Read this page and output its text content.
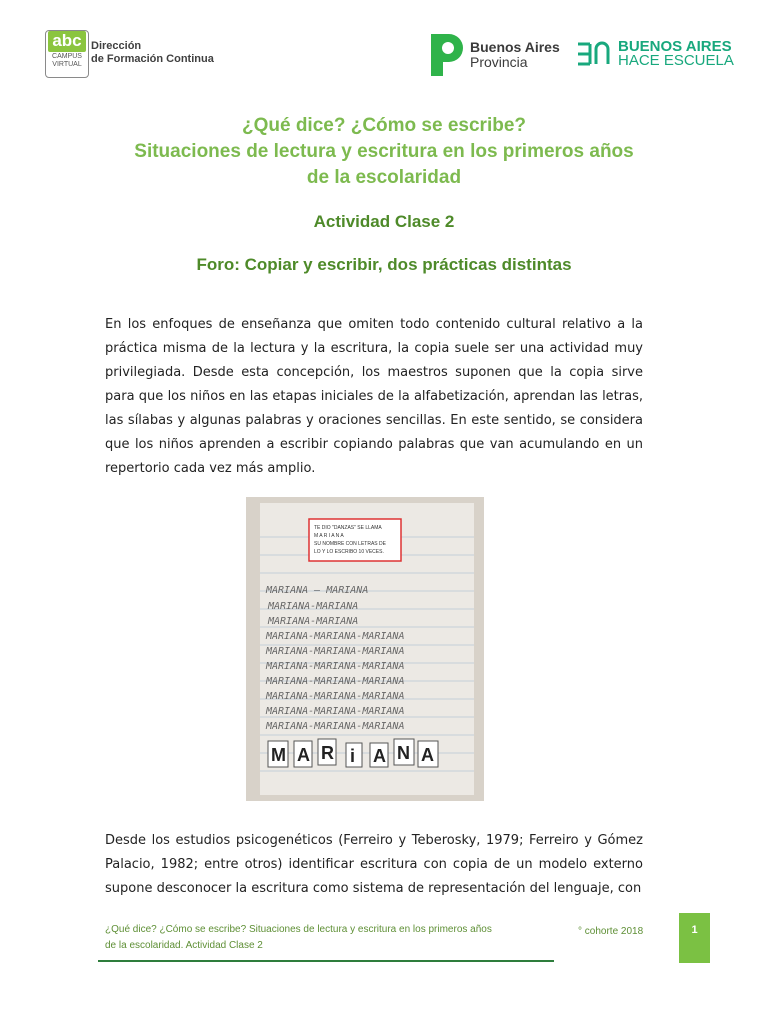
abc
CAMPUS
VIRTUAL
Dirección
de Formación Continua
Buenos Aires
Provincia
BUENOS AIRES
HACE ESCUELA
¿Qué dice? ¿Cómo se escribe?
Situaciones de lectura y escritura en los primeros años
de la escolaridad
Actividad Clase 2
Foro: Copiar y escribir, dos prácticas distintas
En los enfoques de enseñanza que omiten todo contenido cultural relativo a la práctica misma de la lectura y la escritura, la copia suele ser una actividad muy privilegiada. Desde esta concepción, los maestros suponen que la copia sirve para que los niños en las etapas iniciales de la alfabetización, aprendan las letras, las sílabas y algunas palabras y oraciones sencillas. En este sentido, se considera que los niños aprenden a escribir copiando palabras que van acumulando en un repertorio cada vez más amplio.
TE DIO "DANZAS" SE LLAMA
M A R I A N A
SU NOMBRE CON LETRAS DE
LO Y LO ESCRIBO 10 VECES.
MARIANA — MARIANA
MARIANA-MARIANA
MARIANA-MARIANA
MARIANA-MARIANA-MARIANA
MARIANA-MARIANA-MARIANA
MARIANA-MARIANA-MARIANA
MARIANA-MARIANA-MARIANA
MARIANA-MARIANA-MARIANA
MARIANA-MARIANA-MARIANA
MARIANA-MARIANA-MARIANA
M A R i A N A
Desde los estudios psicogenéticos (Ferreiro y Teberosky, 1979; Ferreiro y Gómez Palacio, 1982; entre otros) identificar escritura con copia de un modelo externo supone desconocer la escritura como sistema de representación del lenguaje, con
¿Qué dice? ¿Cómo se escribe? Situaciones de lectura y escritura en los primeros años
de la escolaridad. Actividad Clase 2
° cohorte 2018	1
